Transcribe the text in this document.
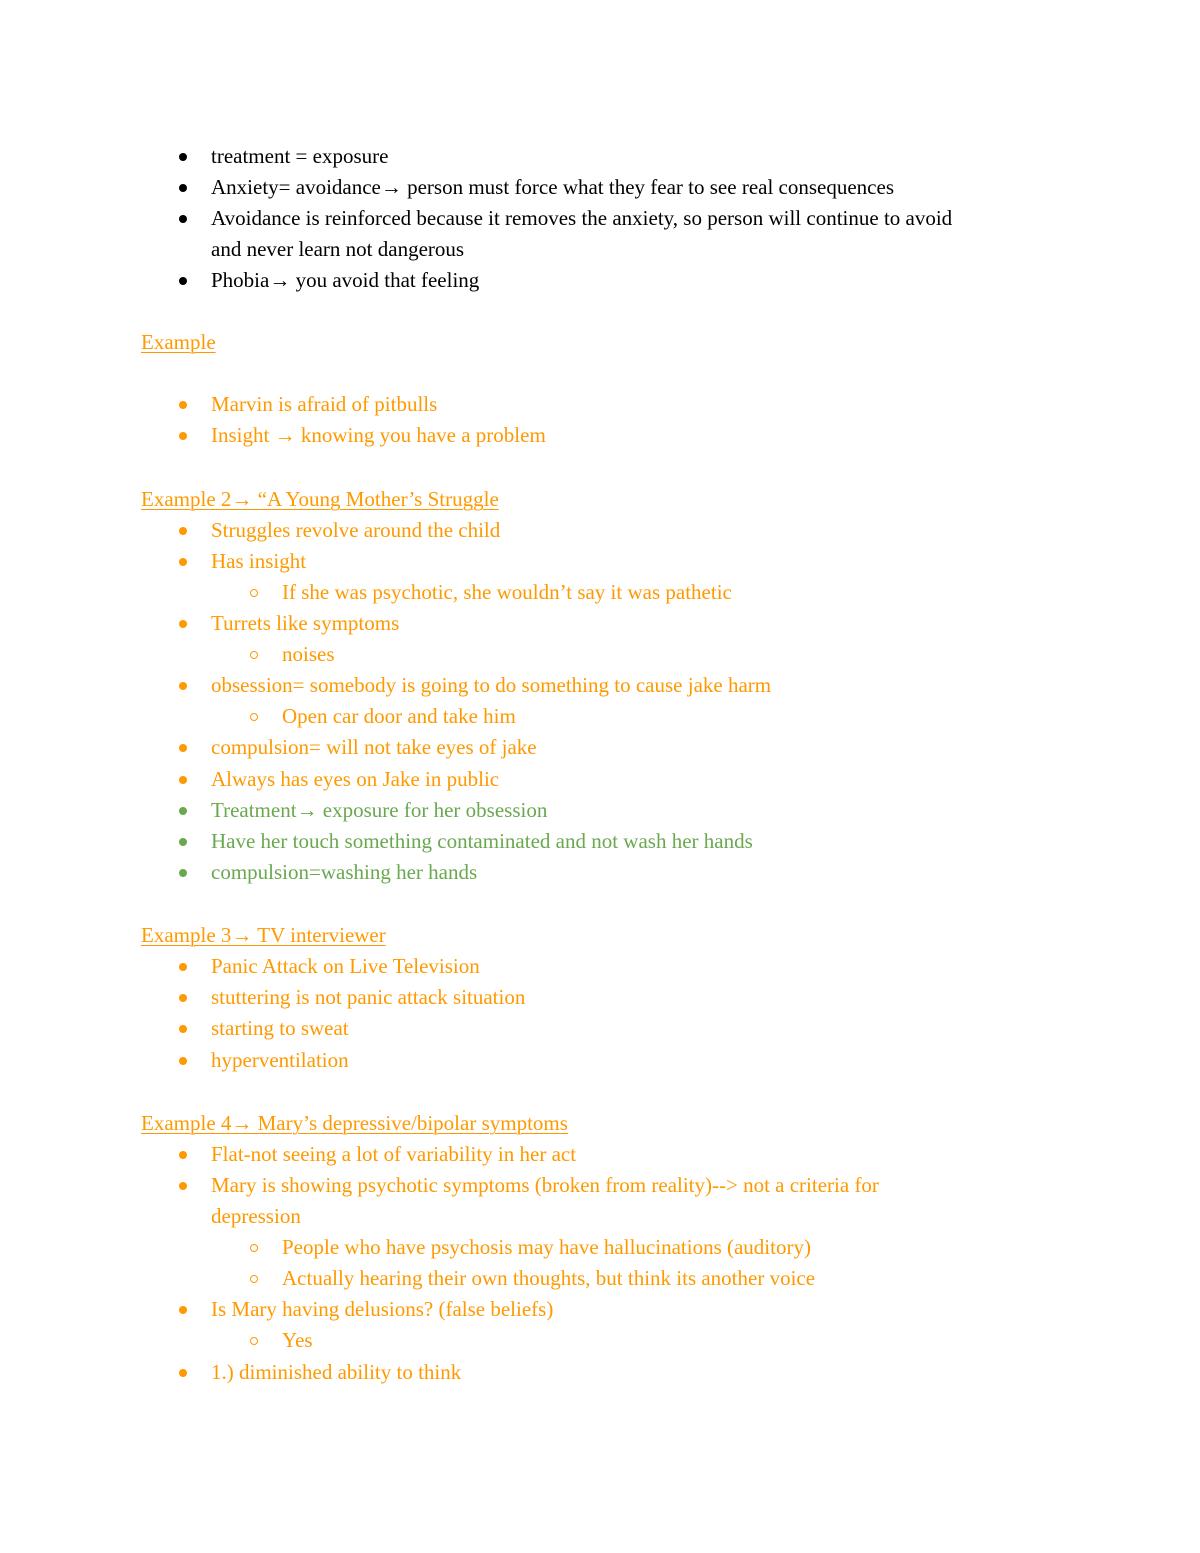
treatment = exposure
Anxiety= avoidance→ person must force what they fear to see real consequences
Avoidance is reinforced because it removes the anxiety, so person will continue to avoid
and never learn not dangerous
Phobia→ you avoid that feeling
Example
Marvin is afraid of pitbulls
Insight → knowing you have a problem
Example 2→ “A Young Mother’s Struggle
Struggles revolve around the child
Has insight
If she was psychotic, she wouldn’t say it was pathetic
Turrets like symptoms
noises
obsession= somebody is going to do something to cause jake harm
Open car door and take him
compulsion= will not take eyes of jake
Always has eyes on Jake in public
Treatment→ exposure for her obsession
Have her touch something contaminated and not wash her hands
compulsion=washing her hands
Example 3→ TV interviewer
Panic Attack on Live Television
stuttering is not panic attack situation
starting to sweat
hyperventilation
Example 4→ Mary’s depressive/bipolar symptoms
Flat-not seeing a lot of variability in her act
Mary is showing psychotic symptoms (broken from reality)--> not a criteria for
depression
People who have psychosis may have hallucinations (auditory)
Actually hearing their own thoughts, but think its another voice
Is Mary having delusions? (false beliefs)
Yes
1.) diminished ability to think
